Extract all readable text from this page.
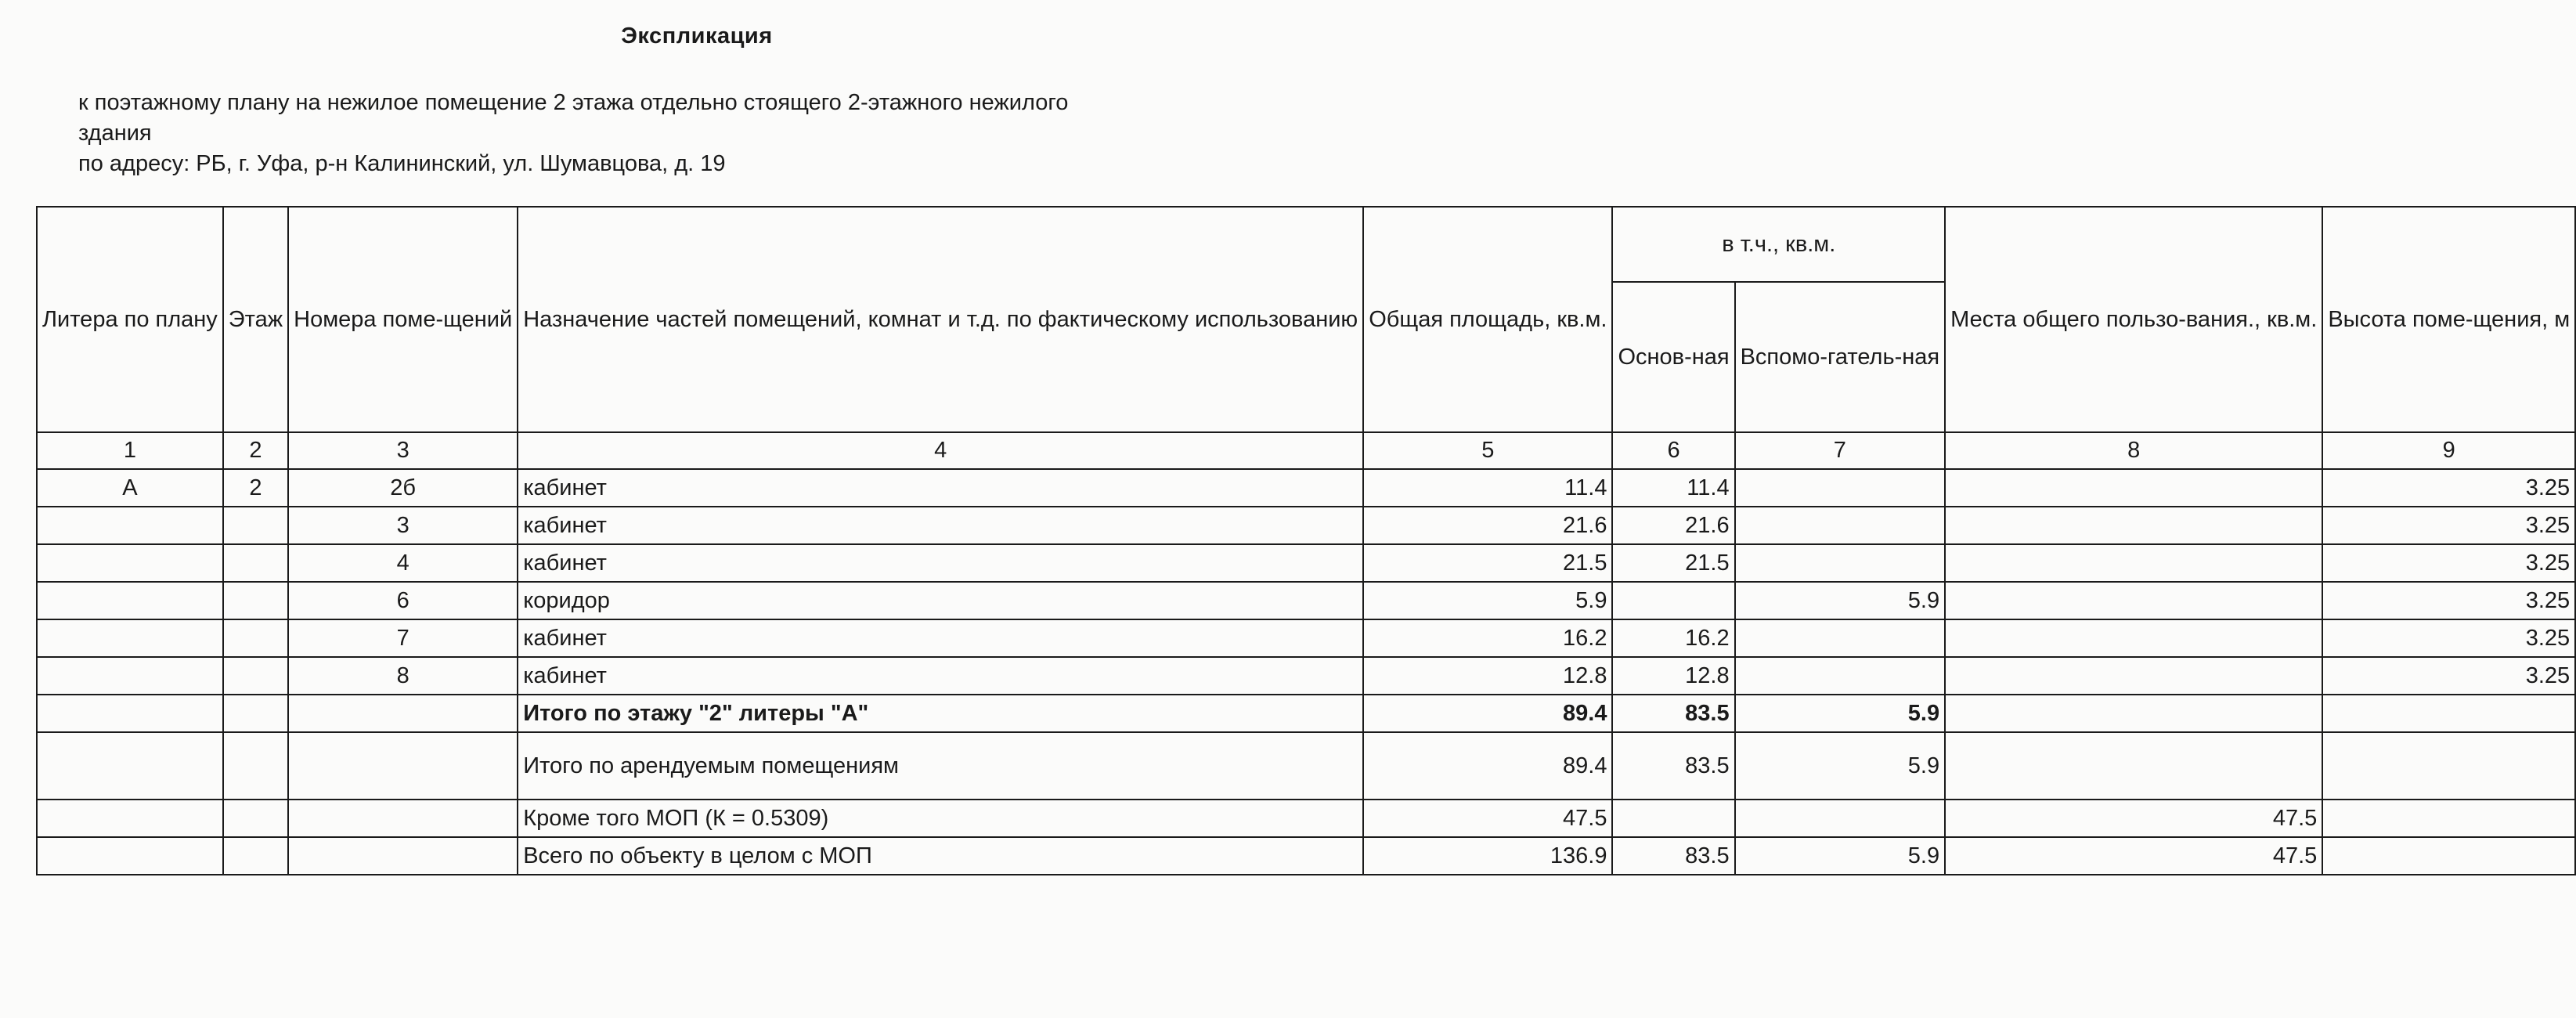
Экспликация
к поэтажному плану на нежилое помещение 2 этажа отдельно стоящего 2-этажного нежилого
здания
по адресу: РБ, г. Уфа, р-н Калининский, ул. Шумавцова, д. 19
Литера по плану	Этаж	Номера поме-щений	Назначение частей помещений, комнат и т.д. по фактическому использованию	Общая площадь, кв.м.	в т.ч., кв.м.		Места общего пользо-вания., кв.м.	Высота поме-щения, м
					Основ-ная	Вспомо-гатель-ная		
1	2	3	4	5	6	7	8	9
А	2	2б	кабинет	11.4	11.4			3.25
		3	кабинет	21.6	21.6			3.25
		4	кабинет	21.5	21.5			3.25
		6	коридор	5.9		5.9		3.25
		7	кабинет	16.2	16.2			3.25
		8	кабинет	12.8	12.8			3.25
			Итого по этажу "2" литеры "А"	89.4	83.5	5.9		
			Итого по арендуемым помещениям	89.4	83.5	5.9		
			Кроме того МОП (К = 0.5309)	47.5			47.5	
			Всего по объекту в целом с МОП	136.9	83.5	5.9	47.5	
